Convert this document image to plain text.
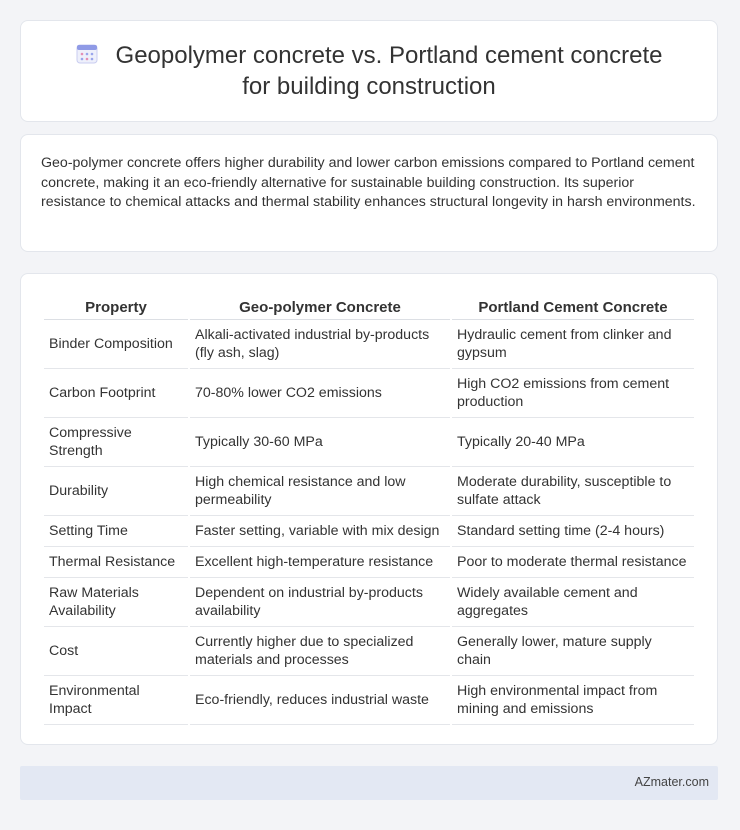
Geopolymer concrete vs. Portland cement concrete for building construction

Geo-polymer concrete offers higher durability and lower carbon emissions compared to Portland cement concrete, making it an eco-friendly alternative for sustainable building construction. Its superior resistance to chemical attacks and thermal stability enhances structural longevity in harsh environments.

Property	Geo-polymer Concrete	Portland Cement Concrete
Binder Composition	Alkali-activated industrial by-products (fly ash, slag)	Hydraulic cement from clinker and gypsum
Carbon Footprint	70-80% lower CO2 emissions	High CO2 emissions from cement production
Compressive Strength	Typically 30-60 MPa	Typically 20-40 MPa
Durability	High chemical resistance and low permeability	Moderate durability, susceptible to sulfate attack
Setting Time	Faster setting, variable with mix design	Standard setting time (2-4 hours)
Thermal Resistance	Excellent high-temperature resistance	Poor to moderate thermal resistance
Raw Materials Availability	Dependent on industrial by-products availability	Widely available cement and aggregates
Cost	Currently higher due to specialized materials and processes	Generally lower, mature supply chain
Environmental Impact	Eco-friendly, reduces industrial waste	High environmental impact from mining and emissions
AZmater.com
